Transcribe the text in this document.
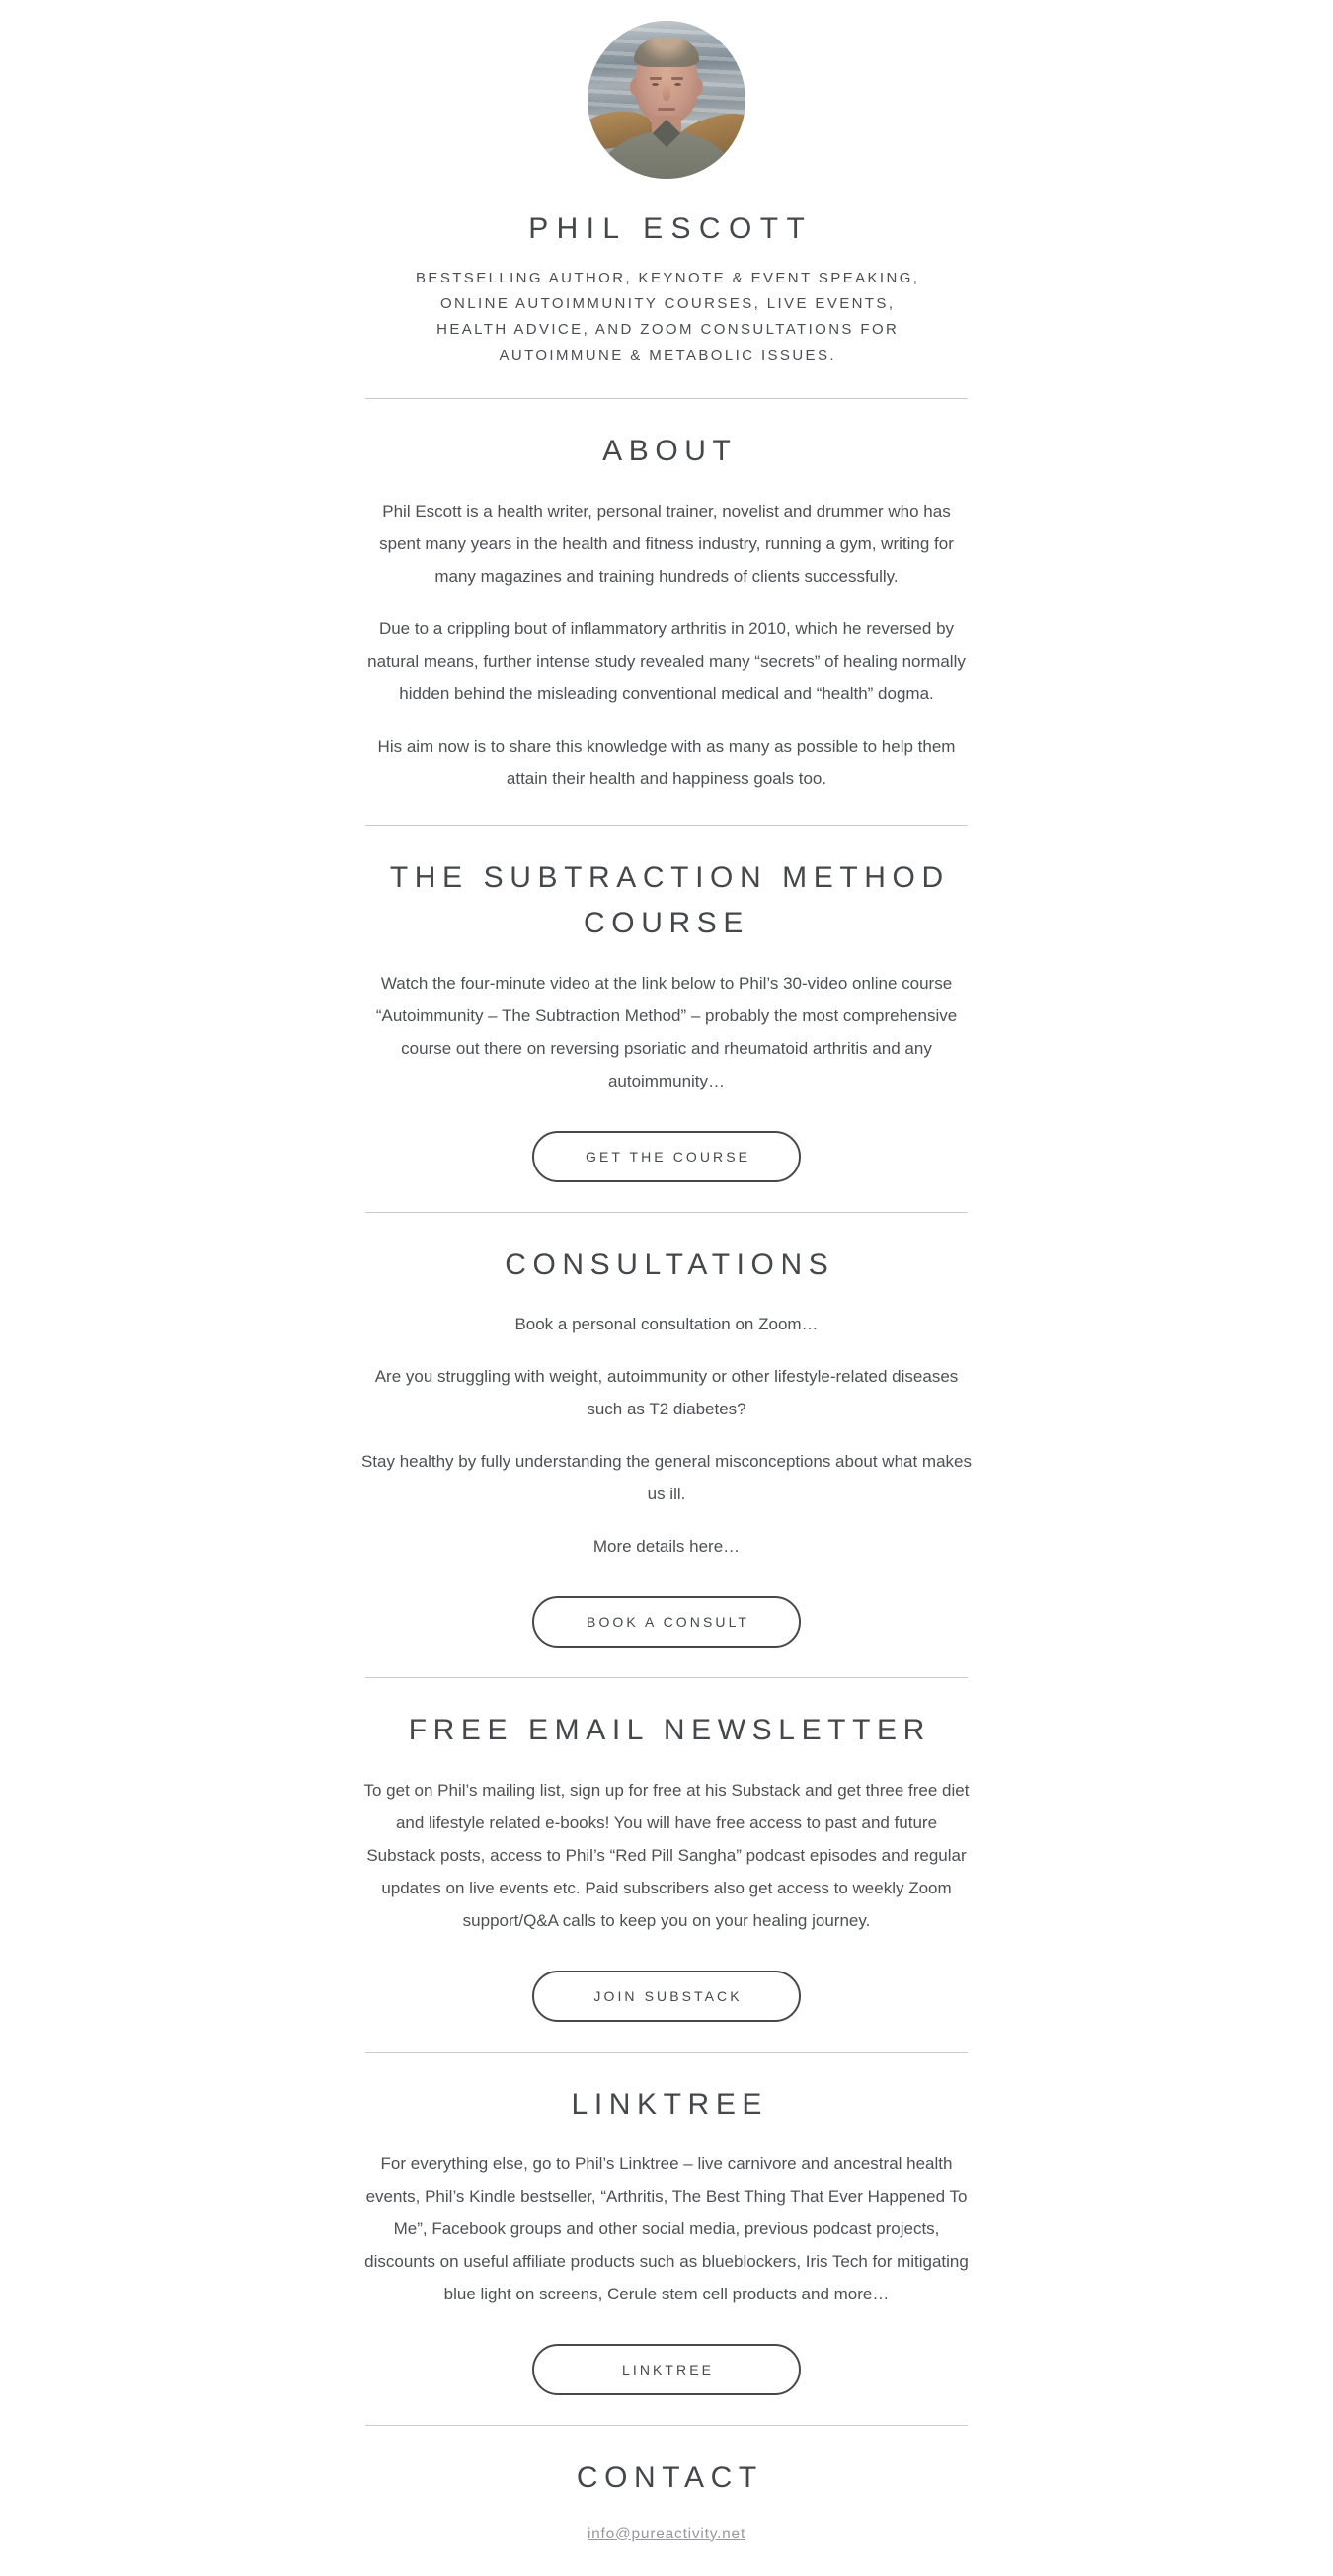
PHIL ESCOTT
BESTSELLING AUTHOR, KEYNOTE & EVENT SPEAKING,
ONLINE AUTOIMMUNITY COURSES, LIVE EVENTS,
HEALTH ADVICE, AND ZOOM CONSULTATIONS FOR
AUTOIMMUNE & METABOLIC ISSUES.
ABOUT

Phil Escott is a health writer, personal trainer, novelist and drummer who has spent many years in the health and fitness industry, running a gym, writing for many magazines and training hundreds of clients successfully.

Due to a crippling bout of inflammatory arthritis in 2010, which he reversed by natural means, further intense study revealed many “secrets” of healing normally hidden behind the misleading conventional medical and “health” dogma.

His aim now is to share this knowledge with as many as possible to help them attain their health and happiness goals too.

THE SUBTRACTION METHOD COURSE

Watch the four-minute video at the link below to Phil’s 30-video online course “Autoimmunity – The Subtraction Method” – probably the most comprehensive course out there on reversing psoriatic and rheumatoid arthritis and any autoimmunity…

GET THE COURSE
CONSULTATIONS

Book a personal consultation on Zoom…

Are you struggling with weight, autoimmunity or other lifestyle-related diseases such as T2 diabetes?

Stay healthy by fully understanding the general misconceptions about what makes us ill.

More details here…

BOOK A CONSULT
FREE EMAIL NEWSLETTER

To get on Phil’s mailing list, sign up for free at his Substack and get three free diet and lifestyle related e-books! You will have free access to past and future Substack posts, access to Phil’s “Red Pill Sangha” podcast episodes and regular updates on live events etc. Paid subscribers also get access to weekly Zoom support/Q&A calls to keep you on your healing journey.

JOIN SUBSTACK
LINKTREE

For everything else, go to Phil’s Linktree – live carnivore and ancestral health events, Phil’s Kindle bestseller, “Arthritis, The Best Thing That Ever Happened To Me”, Facebook groups and other social media, previous podcast projects, discounts on useful affiliate products such as blueblockers, Iris Tech for mitigating blue light on screens, Cerule stem cell products and more…

LINKTREE
CONTACT
info@pureactivity.net
